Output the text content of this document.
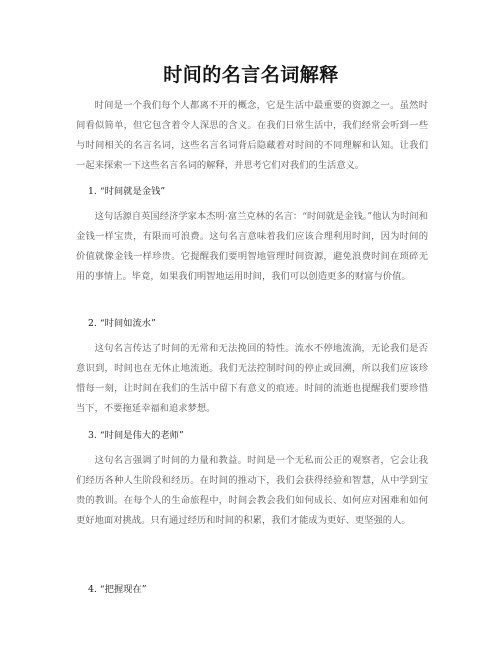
时间的名言名词解释

时间是一个我们每个人都离不开的概念，它是生活中最重要的资源之一。虽然时间看似简单，但它包含着令人深思的含义。在我们日常生活中，我们经常会听到一些与时间相关的名言名词，这些名言名词背后隐藏着对时间的不同理解和认知。让我们一起来探索一下这些名言名词的解释，并思考它们对我们的生活意义。

1. “时间就是金钱”

这句话源自英国经济学家本杰明·富兰克林的名言：“时间就是金钱。”他认为时间和金钱一样宝贵，有限而可浪费。这句名言意味着我们应该合理利用时间，因为时间的价值就像金钱一样珍贵。它提醒我们要明智地管理时间资源，避免浪费时间在琐碎无用的事情上。毕竟，如果我们明智地运用时间，我们可以创造更多的财富与价值。

2. “时间如流水”

这句名言传达了时间的无常和无法挽回的特性。流水不停地流淌，无论我们是否意识到，时间也在无休止地流逝。我们无法控制时间的停止或回溯，所以我们应该珍惜每一刻，让时间在我们的生活中留下有意义的痕迹。时间的流逝也提醒我们要珍惜当下，不要拖延幸福和追求梦想。

3. “时间是伟大的老师”

这句名言强调了时间的力量和教益。时间是一个无私而公正的观察者，它会让我们经历各种人生阶段和经历。在时间的推动下，我们会获得经验和智慧，从中学到宝贵的教训。在每个人的生命旅程中，时间会教会我们如何成长、如何应对困难和如何更好地面对挑战。只有通过经历和时间的积累，我们才能成为更好、更坚强的人。

4. “把握现在”
